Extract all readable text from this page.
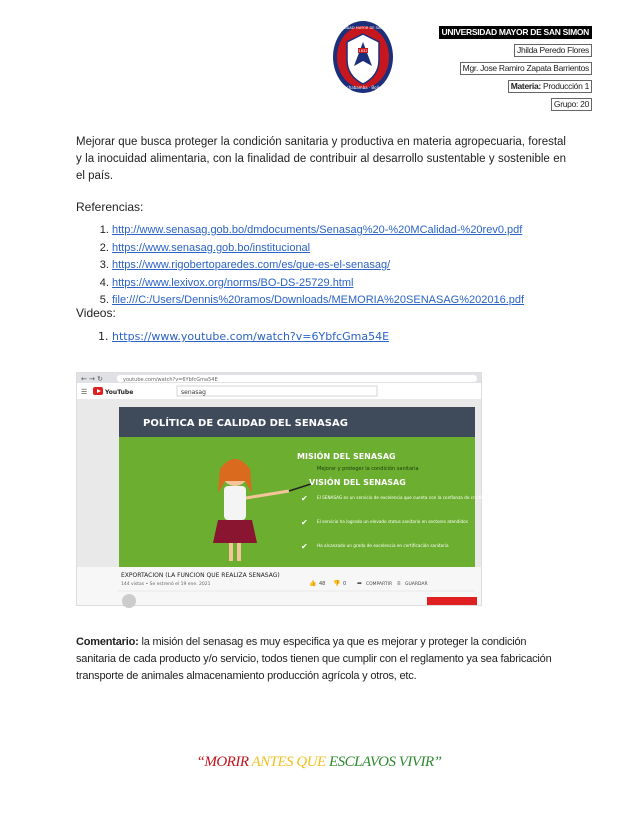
Cochabamba · Bolivia
UNIVERSIDAD MAYOR DE SAN SIMON
1832
UNIVERSIDAD MAYOR DE SAN SIMON
Jhilda Peredo Flores
Mgr. Jose Ramiro Zapata Barrientos
Materia: Producción 1
Grupo: 20
Mejorar que busca proteger la condición sanitaria y productiva en materia agropecuaria, forestal y la inocuidad alimentaria, con la finalidad de contribuir al desarrollo sustentable y sostenible en el país.
Referencias:
1. http://www.senasag.gob.bo/dmdocuments/Senasag%20-%20MCalidad-%20rev0.pdf
2. https://www.senasag.gob.bo/institucional
3. https://www.rigobertoparedes.com/es/que-es-el-senasag/
4. https://www.lexivox.org/norms/BO-DS-25729.html
5. file:///C:/Users/Dennis%20ramos/Downloads/MEMORIA%20SENASAG%202016.pdf
Videos:
1. https://www.youtube.com/watch?v=6YbfcGma54E
← → ↻	youtube.com/watch?v=6YbfcGma54E
☰	YouTube	senasag
POLÍTICA DE CALIDAD DEL SENASAG
MISIÓN DEL SENASAG
Mejorar y proteger la condición sanitaria
VISIÓN DEL SENASAG
✔ El SENASAG es un servicio de excelencia que cuenta con la confianza de credibilidad nacional e internacional
✔ El servicio ha logrado un elevado status sanitario en sectores atendidos
✔ Ha alcanzado un grado de excelencia en certificación sanitaria
EXPORTACION (LA FUNCION QUE REALIZA SENASAG)
144 vistas • Se estrenó el 19 ene. 2021	👍 48 👎 0 ➦ COMPARTIR ≡ GUARDAR
Comentario: la misión del senasag es muy especifica ya que es mejorar y proteger la condición sanitaria de cada producto y/o servicio, todos tienen que cumplir con el reglamento ya sea fabricación transporte de animales almacenamiento producción agrícola y otros, etc.
“MORIR ANTES QUE ESCLAVOS VIVIR”
